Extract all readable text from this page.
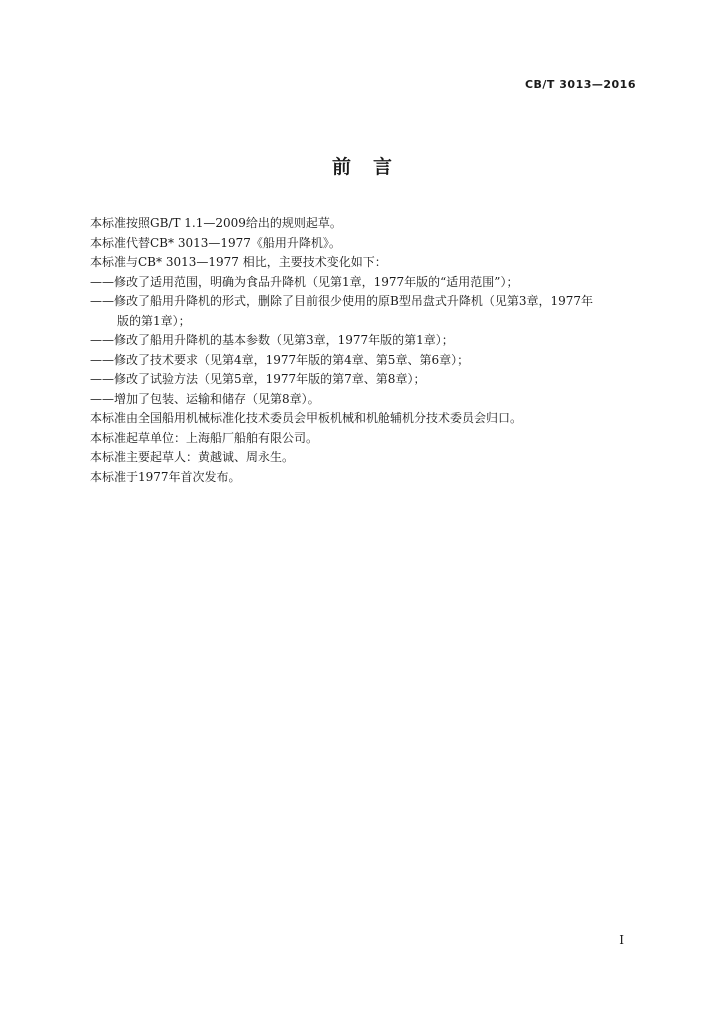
CB/T 3013—2016
前言
本标准按照GB/T 1.1—2009给出的规则起草。
本标准代替CB* 3013—1977《船用升降机》。
本标准与CB* 3013—1977 相比，主要技术变化如下：
——修改了适用范围，明确为食品升降机（见第1章，1977年版的“适用范围”）；
——修改了船用升降机的形式，删除了目前很少使用的原B型吊盘式升降机（见第3章，1977年
版的第1章）；
——修改了船用升降机的基本参数（见第3章，1977年版的第1章）；
——修改了技术要求（见第4章，1977年版的第4章、第5章、第6章）；
——修改了试验方法（见第5章，1977年版的第7章、第8章）；
——增加了包装、运输和储存（见第8章）。
本标准由全国船用机械标准化技术委员会甲板机械和机舱辅机分技术委员会归口。
本标准起草单位：上海船厂船舶有限公司。
本标准主要起草人：黄越诚、周永生。
本标准于1977年首次发布。
I
